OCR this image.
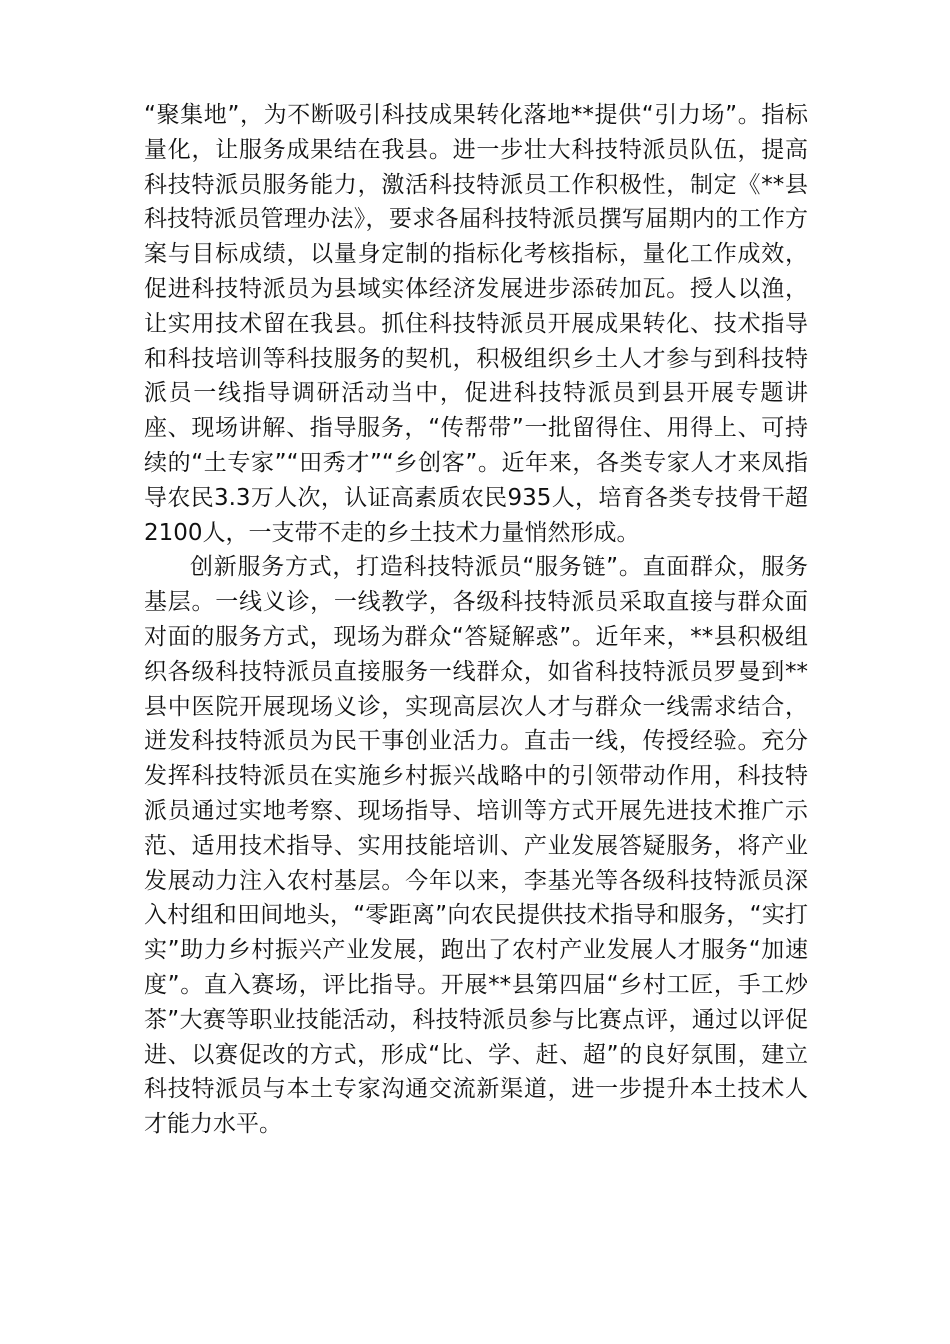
“聚集地”，为不断吸引科技成果转化落地**提供“引力场”。指标量化，让服务成果结在我县。进一步壮大科技特派员队伍，提高科技特派员服务能力，激活科技特派员工作积极性，制定《**县科技特派员管理办法》，要求各届科技特派员撰写届期内的工作方案与目标成绩，以量身定制的指标化考核指标，量化工作成效，促进科技特派员为县域实体经济发展进步添砖加瓦。授人以渔，让实用技术留在我县。抓住科技特派员开展成果转化、技术指导和科技培训等科技服务的契机，积极组织乡土人才参与到科技特派员一线指导调研活动当中，促进科技特派员到县开展专题讲座、现场讲解、指导服务，“传帮带”一批留得住、用得上、可持续的“土专家”“田秀才”“乡创客”。近年来，各类专家人才来凤指导农民3.3万人次，认证高素质农民935人，培育各类专技骨干超2100人，一支带不走的乡土技术力量悄然形成。

创新服务方式，打造科技特派员“服务链”。直面群众，服务基层。一线义诊，一线教学，各级科技特派员采取直接与群众面对面的服务方式，现场为群众“答疑解惑”。近年来，**县积极组织各级科技特派员直接服务一线群众，如省科技特派员罗曼到**县中医院开展现场义诊，实现高层次人才与群众一线需求结合，迸发科技特派员为民干事创业活力。直击一线，传授经验。充分发挥科技特派员在实施乡村振兴战略中的引领带动作用，科技特派员通过实地考察、现场指导、培训等方式开展先进技术推广示范、适用技术指导、实用技能培训、产业发展答疑服务，将产业发展动力注入农村基层。今年以来，李基光等各级科技特派员深入村组和田间地头，“零距离”向农民提供技术指导和服务，“实打实”助力乡村振兴产业发展，跑出了农村产业发展人才服务“加速度”。直入赛场，评比指导。开展**县第四届“乡村工匠，手工炒茶”大赛等职业技能活动，科技特派员参与比赛点评，通过以评促进、以赛促改的方式，形成“比、学、赶、超”的良好氛围，建立科技特派员与本土专家沟通交流新渠道，进一步提升本土技术人才能力水平。
